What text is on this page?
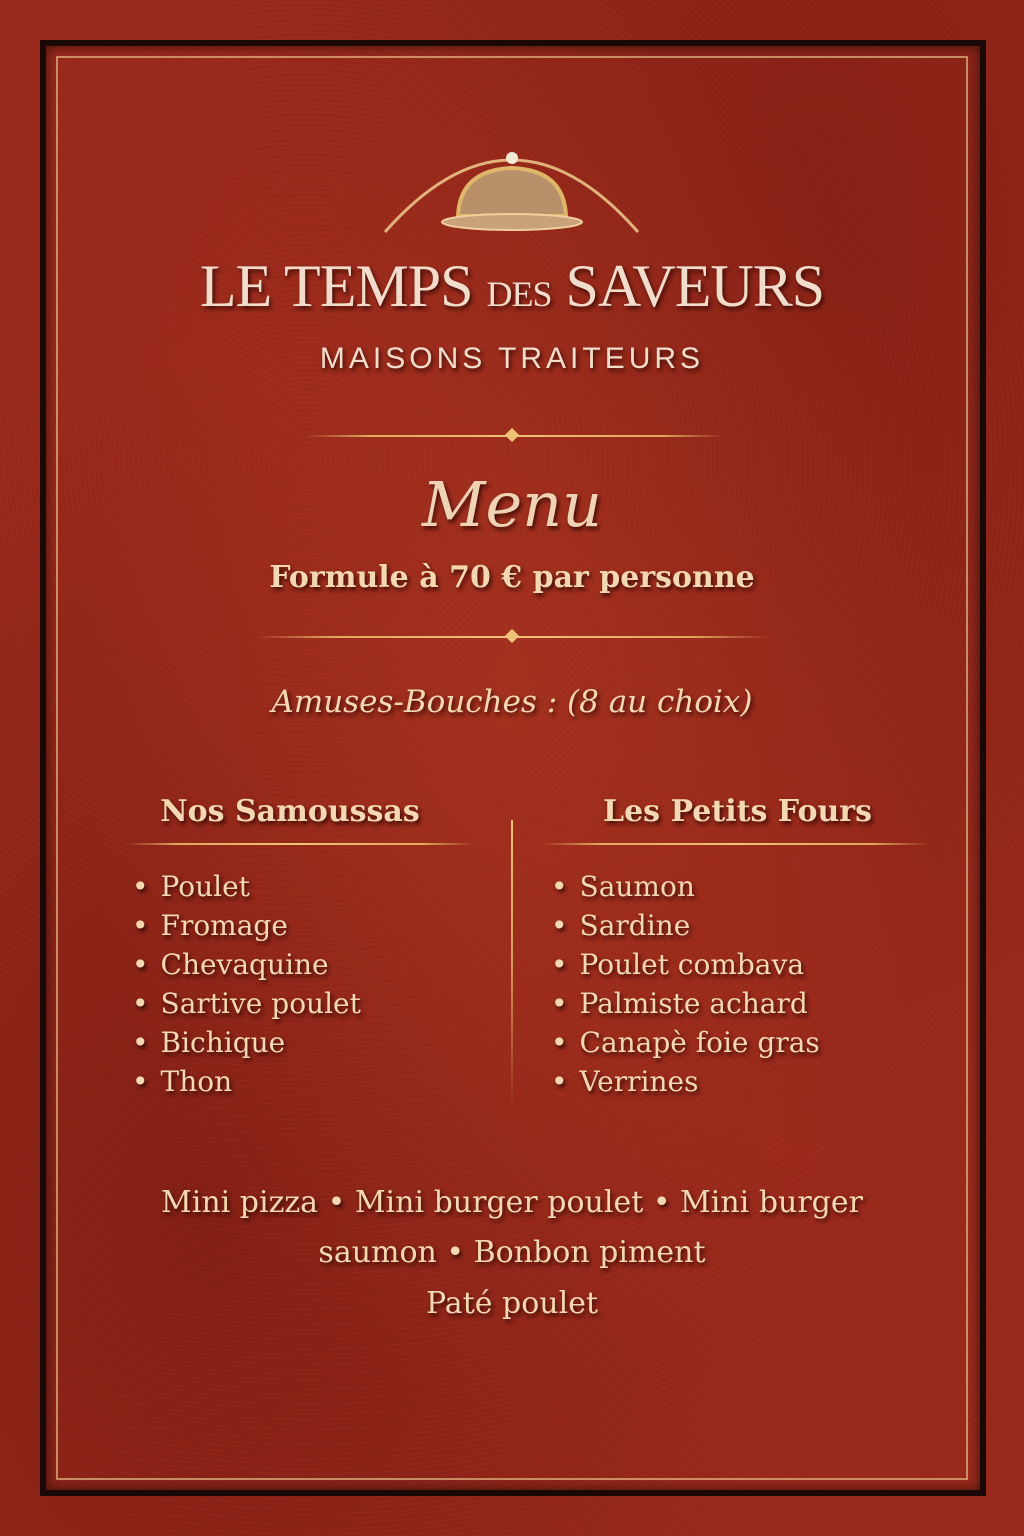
LE TEMPS DES SAVEURS
MAISONS TRAITEURS
Menu
Formule à 70 € par personne
Amuses-Bouches : (8 au choix)
Nos Samoussas	Les Petits Fours
• Poulet
• Fromage
• Chevaquine
• Sartive poulet
• Bichique
• Thon
• Saumon
• Sardine
• Poulet combava
• Palmiste achard
• Canapè foie gras
• Verrines
Mini pizza • Mini burger poulet • Mini burger
saumon • Bonbon piment
Paté poulet
